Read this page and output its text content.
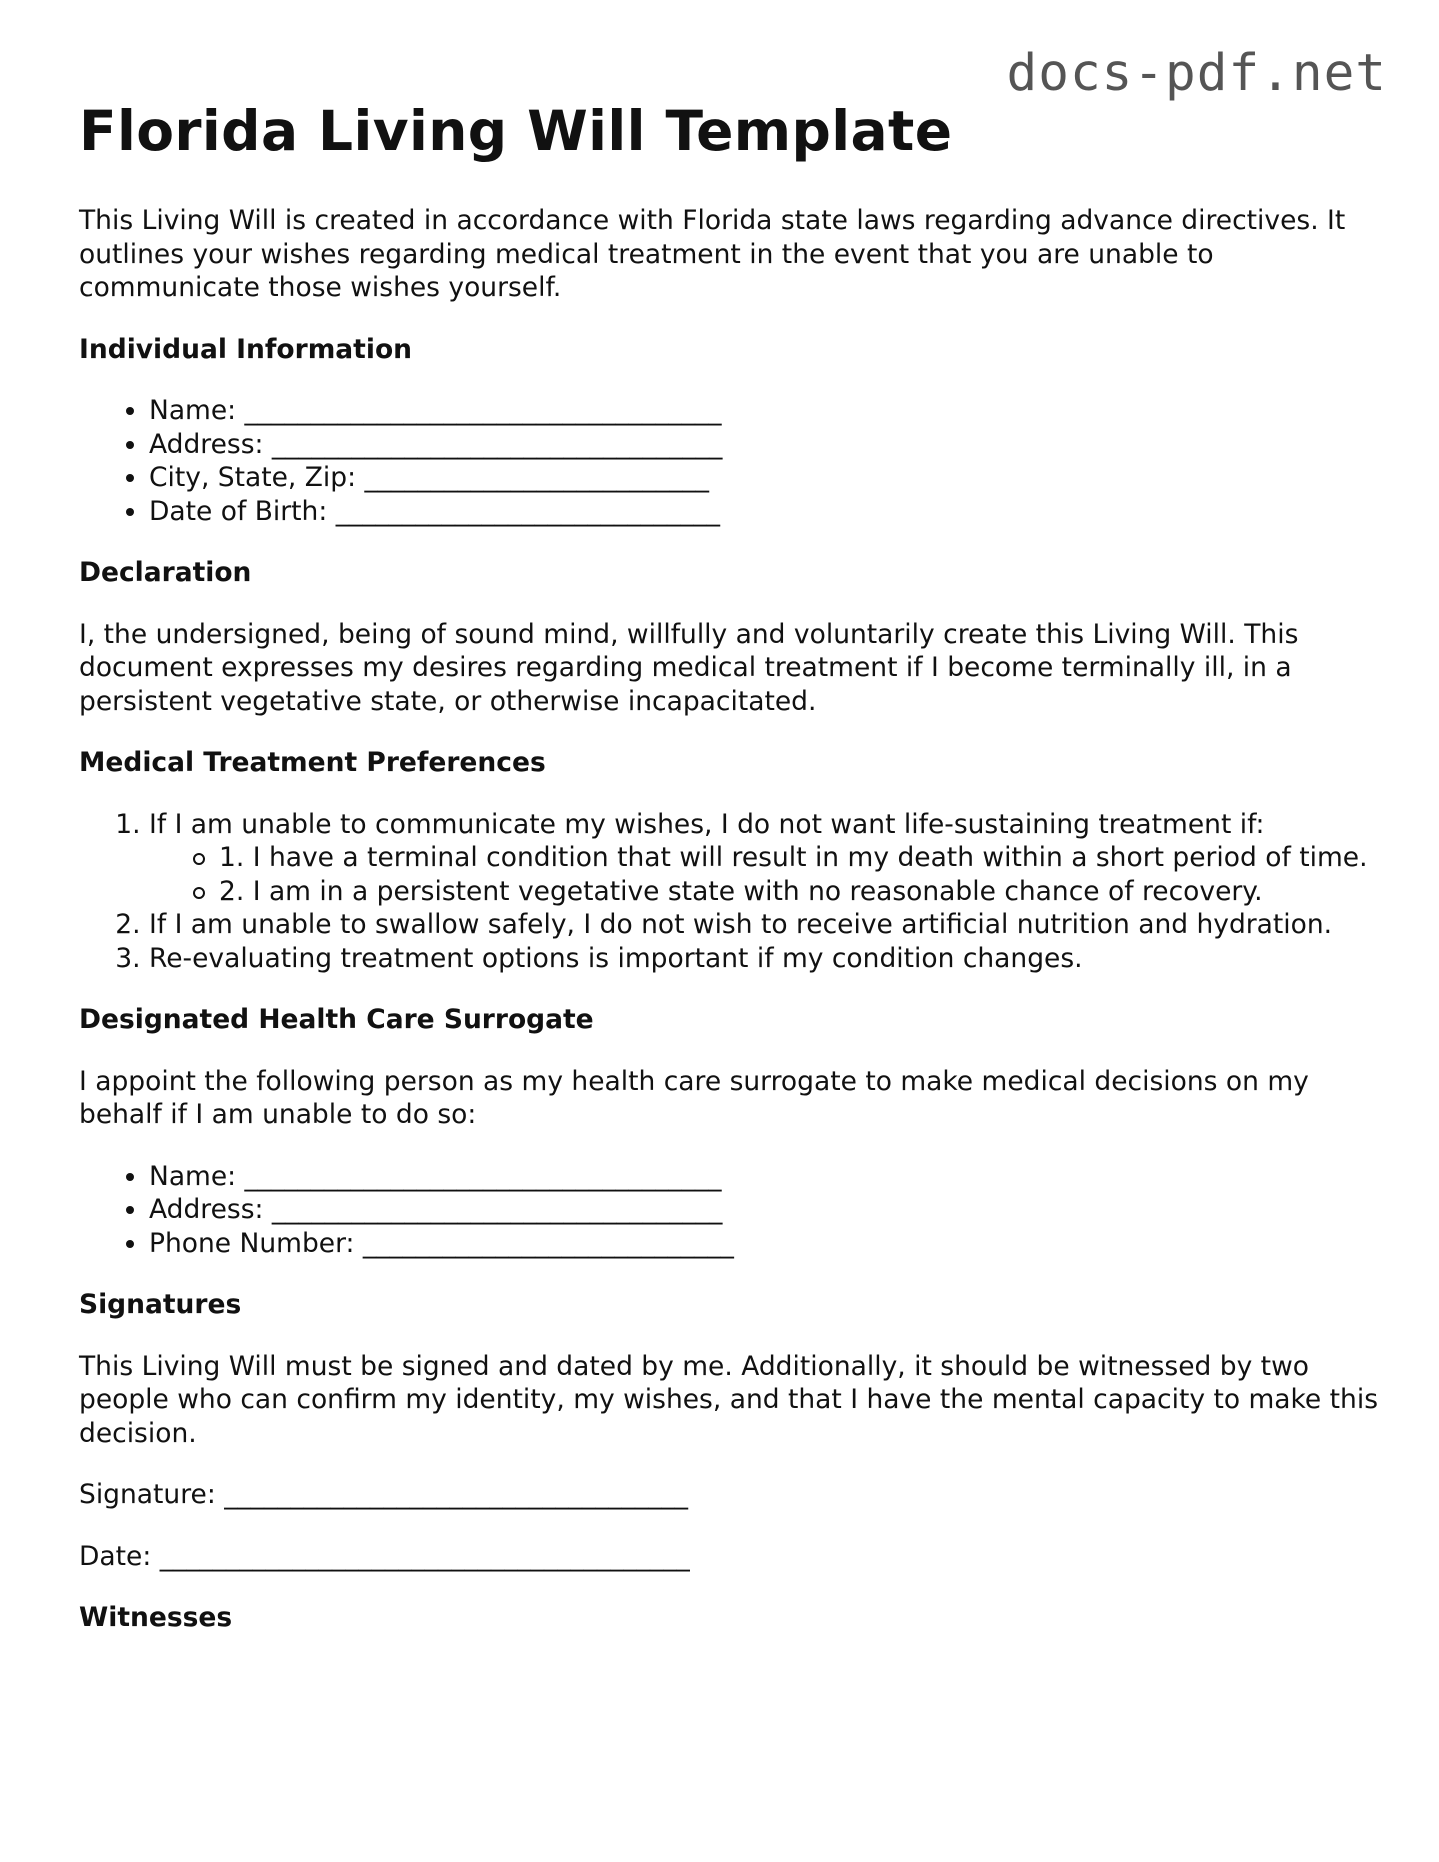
docs-pdf.net
Florida Living Will Template

This Living Will is created in accordance with Florida state laws regarding advance directives. It outlines your wishes regarding medical treatment in the event that you are unable to communicate those wishes yourself.

Individual Information
• Name: ____________________________________
• Address: __________________________________
• City, State, Zip: __________________________
• Date of Birth: _____________________________
Declaration

I, the undersigned, being of sound mind, willfully and voluntarily create this Living Will. This document expresses my desires regarding medical treatment if I become terminally ill, in a persistent vegetative state, or otherwise incapacitated.

Medical Treatment Preferences
1. If I am unable to communicate my wishes, I do not want life-sustaining treatment if:
1. I have a terminal condition that will result in my death within a short period of time.
2. I am in a persistent vegetative state with no reasonable chance of recovery.
2. If I am unable to swallow safely, I do not wish to receive artificial nutrition and hydration.
3. Re-evaluating treatment options is important if my condition changes.
Designated Health Care Surrogate

I appoint the following person as my health care surrogate to make medical decisions on my behalf if I am unable to do so:

• Name: ____________________________________
• Address: __________________________________
• Phone Number: ____________________________
Signatures

This Living Will must be signed and dated by me. Additionally, it should be witnessed by two people who can confirm my identity, my wishes, and that I have the mental capacity to make this decision.

Signature: ___________________________________

Date: ________________________________________

Witnesses
